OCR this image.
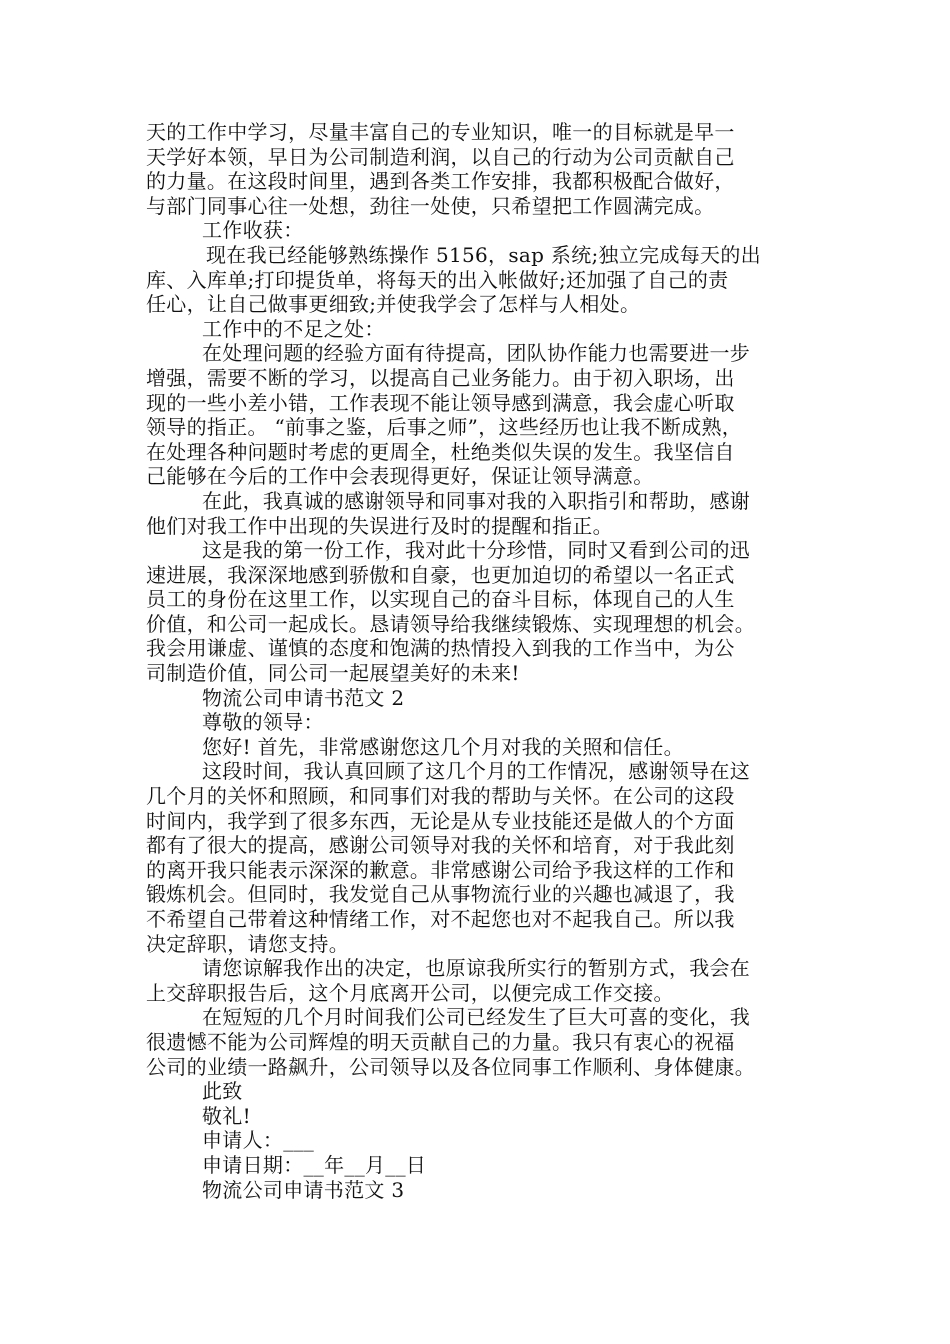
天的工作中学习，尽量丰富自己的专业知识，唯一的目标就是早一
天学好本领，早日为公司制造利润，以自己的行动为公司贡献自己
的力量。在这段时间里，遇到各类工作安排，我都积极配合做好，
与部门同事心往一处想，劲往一处使，只希望把工作圆满完成。
工作收获：
现在我已经能够熟练操作 5156，sap 系统;独立完成每天的出
库、入库单;打印提货单，将每天的出入帐做好;还加强了自己的责
任心，让自己做事更细致;并使我学会了怎样与人相处。
工作中的不足之处：
在处理问题的经验方面有待提高，团队协作能力也需要进一步
增强，需要不断的学习，以提高自己业务能力。由于初入职场，出
现的一些小差小错，工作表现不能让领导感到满意，我会虚心听取
领导的指正。 “前事之鉴，后事之师”，这些经历也让我不断成熟，
在处理各种问题时考虑的更周全，杜绝类似失误的发生。我坚信自
己能够在今后的工作中会表现得更好，保证让领导满意。
在此，我真诚的感谢领导和同事对我的入职指引和帮助，感谢
他们对我工作中出现的失误进行及时的提醒和指正。
这是我的第一份工作，我对此十分珍惜，同时又看到公司的迅
速进展，我深深地感到骄傲和自豪，也更加迫切的希望以一名正式
员工的身份在这里工作，以实现自己的奋斗目标，体现自己的人生
价值，和公司一起成长。恳请领导给我继续锻炼、实现理想的机会。
我会用谦虚、谨慎的态度和饱满的热情投入到我的工作当中，为公
司制造价值，同公司一起展望美好的未来!
物流公司申请书范文 2
尊敬的领导：
您好! 首先，非常感谢您这几个月对我的关照和信任。
这段时间，我认真回顾了这几个月的工作情况，感谢领导在这
几个月的关怀和照顾，和同事们对我的帮助与关怀。在公司的这段
时间内，我学到了很多东西，无论是从专业技能还是做人的个方面
都有了很大的提高，感谢公司领导对我的关怀和培育，对于我此刻
的离开我只能表示深深的歉意。非常感谢公司给予我这样的工作和
锻炼机会。但同时，我发觉自己从事物流行业的兴趣也减退了，我
不希望自己带着这种情绪工作，对不起您也对不起我自己。所以我
决定辞职，请您支持。
请您谅解我作出的决定，也原谅我所实行的暂别方式，我会在
上交辞职报告后，这个月底离开公司，以便完成工作交接。
在短短的几个月时间我们公司已经发生了巨大可喜的变化，我
很遗憾不能为公司辉煌的明天贡献自己的力量。我只有衷心的祝福
公司的业绩一路飙升，公司领导以及各位同事工作顺利、身体健康。
此致
敬礼!
申请人：___
申请日期：__年__月__日
物流公司申请书范文 3
